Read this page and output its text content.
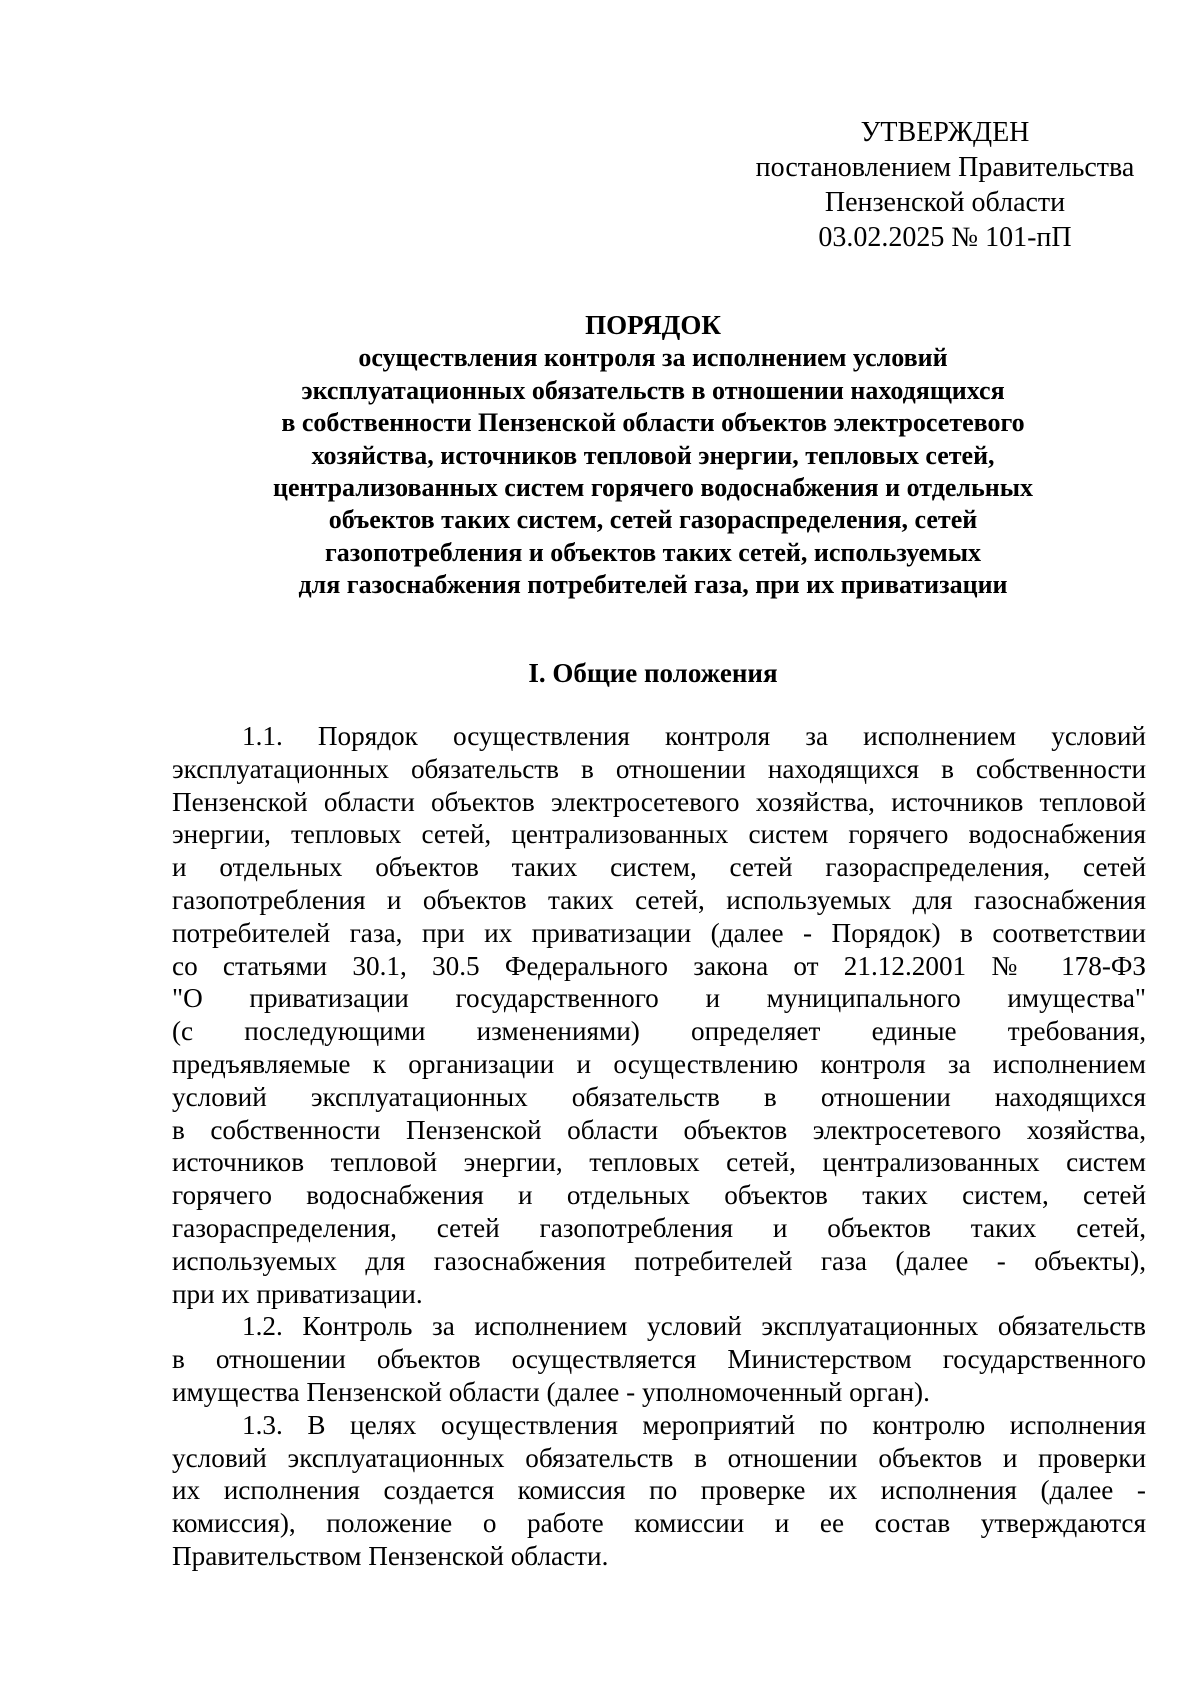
УТВЕРЖДЕН
постановлением Правительства
Пензенской области
03.02.2025 № 101-пП
ПОРЯДОК
осуществления контроля за исполнением условий
эксплуатационных обязательств в отношении находящихся
в собственности Пензенской области объектов электросетевого
хозяйства, источников тепловой энергии, тепловых сетей,
централизованных систем горячего водоснабжения и отдельных
объектов таких систем, сетей газораспределения, сетей
газопотребления и объектов таких сетей, используемых
для газоснабжения потребителей газа, при их приватизации
I. Общие положения
1.1. Порядок осуществления контроля за исполнением условий
эксплуатационных обязательств в отношении находящихся в собственности
Пензенской области объектов электросетевого хозяйства, источников тепловой
энергии, тепловых сетей, централизованных систем горячего водоснабжения
и отдельных объектов таких систем, сетей газораспределения, сетей
газопотребления и объектов таких сетей, используемых для газоснабжения
потребителей газа, при их приватизации (далее - Порядок) в соответствии
со статьями 30.1, 30.5 Федерального закона от 21.12.2001 № 178-ФЗ
"О приватизации государственного и муниципального имущества"
(с последующими изменениями) определяет единые требования,
предъявляемые к организации и осуществлению контроля за исполнением
условий эксплуатационных обязательств в отношении находящихся
в собственности Пензенской области объектов электросетевого хозяйства,
источников тепловой энергии, тепловых сетей, централизованных систем
горячего водоснабжения и отдельных объектов таких систем, сетей
газораспределения, сетей газопотребления и объектов таких сетей,
используемых для газоснабжения потребителей газа (далее - объекты),
при их приватизации.
1.2. Контроль за исполнением условий эксплуатационных обязательств
в отношении объектов осуществляется Министерством государственного
имущества Пензенской области (далее - уполномоченный орган).
1.3. В целях осуществления мероприятий по контролю исполнения
условий эксплуатационных обязательств в отношении объектов и проверки
их исполнения создается комиссия по проверке их исполнения (далее -
комиссия), положение о работе комиссии и ее состав утверждаются
Правительством Пензенской области.
